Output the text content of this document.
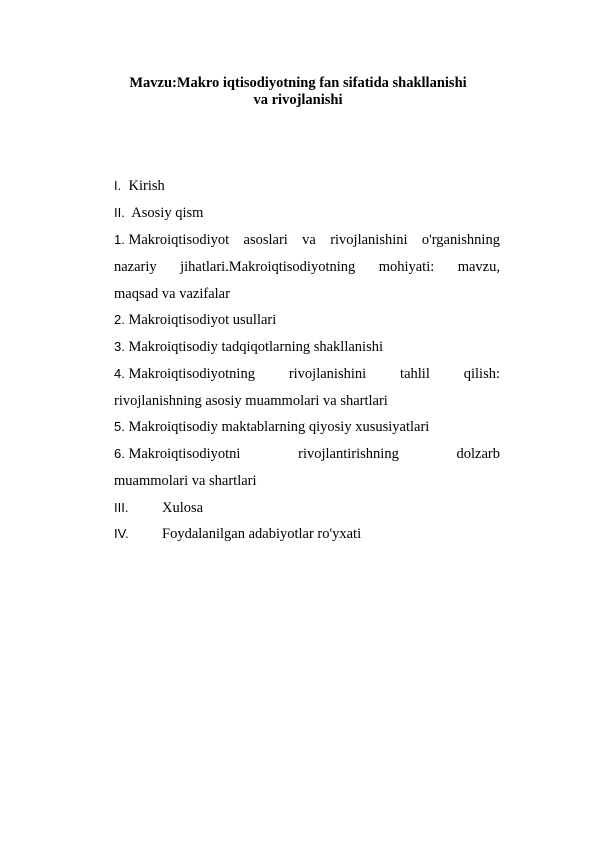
Mavzu:Makro iqtisodiyotning fan sifatida shakllanishi
va rivojlanishi
I. Kirish
II. Asosiy qism
1. Makroiqtisodiyot asoslari va rivojlanishini o'rganishning
nazariy jihatlari.Makroiqtisodiyotning mohiyati: mavzu,
maqsad va vazifalar
2. Makroiqtisodiyot usullari
3. Makroiqtisodiy tadqiqotlarning shakllanishi
4. Makroiqtisodiyotning rivojlanishini tahlil qilish:
rivojlanishning asosiy muammolari va shartlari
5. Makroiqtisodiy maktablarning qiyosiy xususiyatlari
6. Makroiqtisodiyotni	rivojlantirishning	dolzarb
muammolari va shartlari
III. Xulosa
IV. Foydalanilgan adabiyotlar ro'yxati
